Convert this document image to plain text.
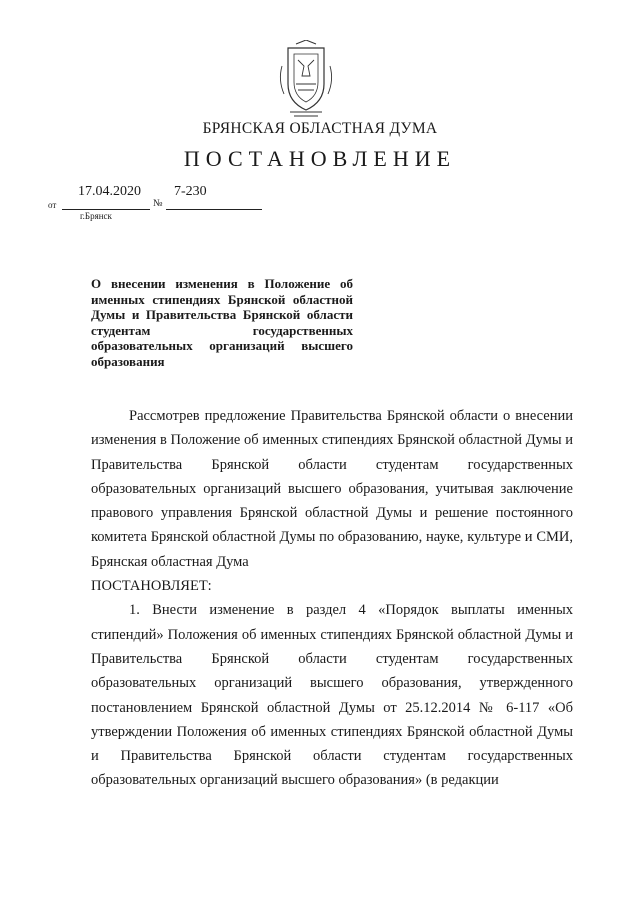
БРЯНСКАЯ ОБЛАСТНАЯ ДУМА
ПОСТАНОВЛЕНИЕ
17.04.2020 7-230
от	№
г.Брянск
О внесении изменения в Положение об именных стипендиях Брянской областной Думы и Правительства Брянской области студентам государственных образовательных организаций высшего образования

Рассмотрев предложение Правительства Брянской области о внесении изменения в Положение об именных стипендиях Брянской областной Думы и Правительства Брянской области студентам государственных образовательных организаций высшего образования, учитывая заключение правового управления Брянской областной Думы и решение постоянного комитета Брянской областной Думы по образованию, науке, культуре и СМИ, Брянская областная Дума

ПОСТАНОВЛЯЕТ:

1. Внести изменение в раздел 4 «Порядок выплаты именных стипендий» Положения об именных стипендиях Брянской областной Думы и Правительства Брянской области студентам государственных образовательных организаций высшего образования, утвержденного постановлением Брянской областной Думы от 25.12.2014 № 6-117 «Об утверждении Положения об именных стипендиях Брянской областной Думы и Правительства Брянской области студентам государственных образовательных организаций высшего образования» (в редакции
